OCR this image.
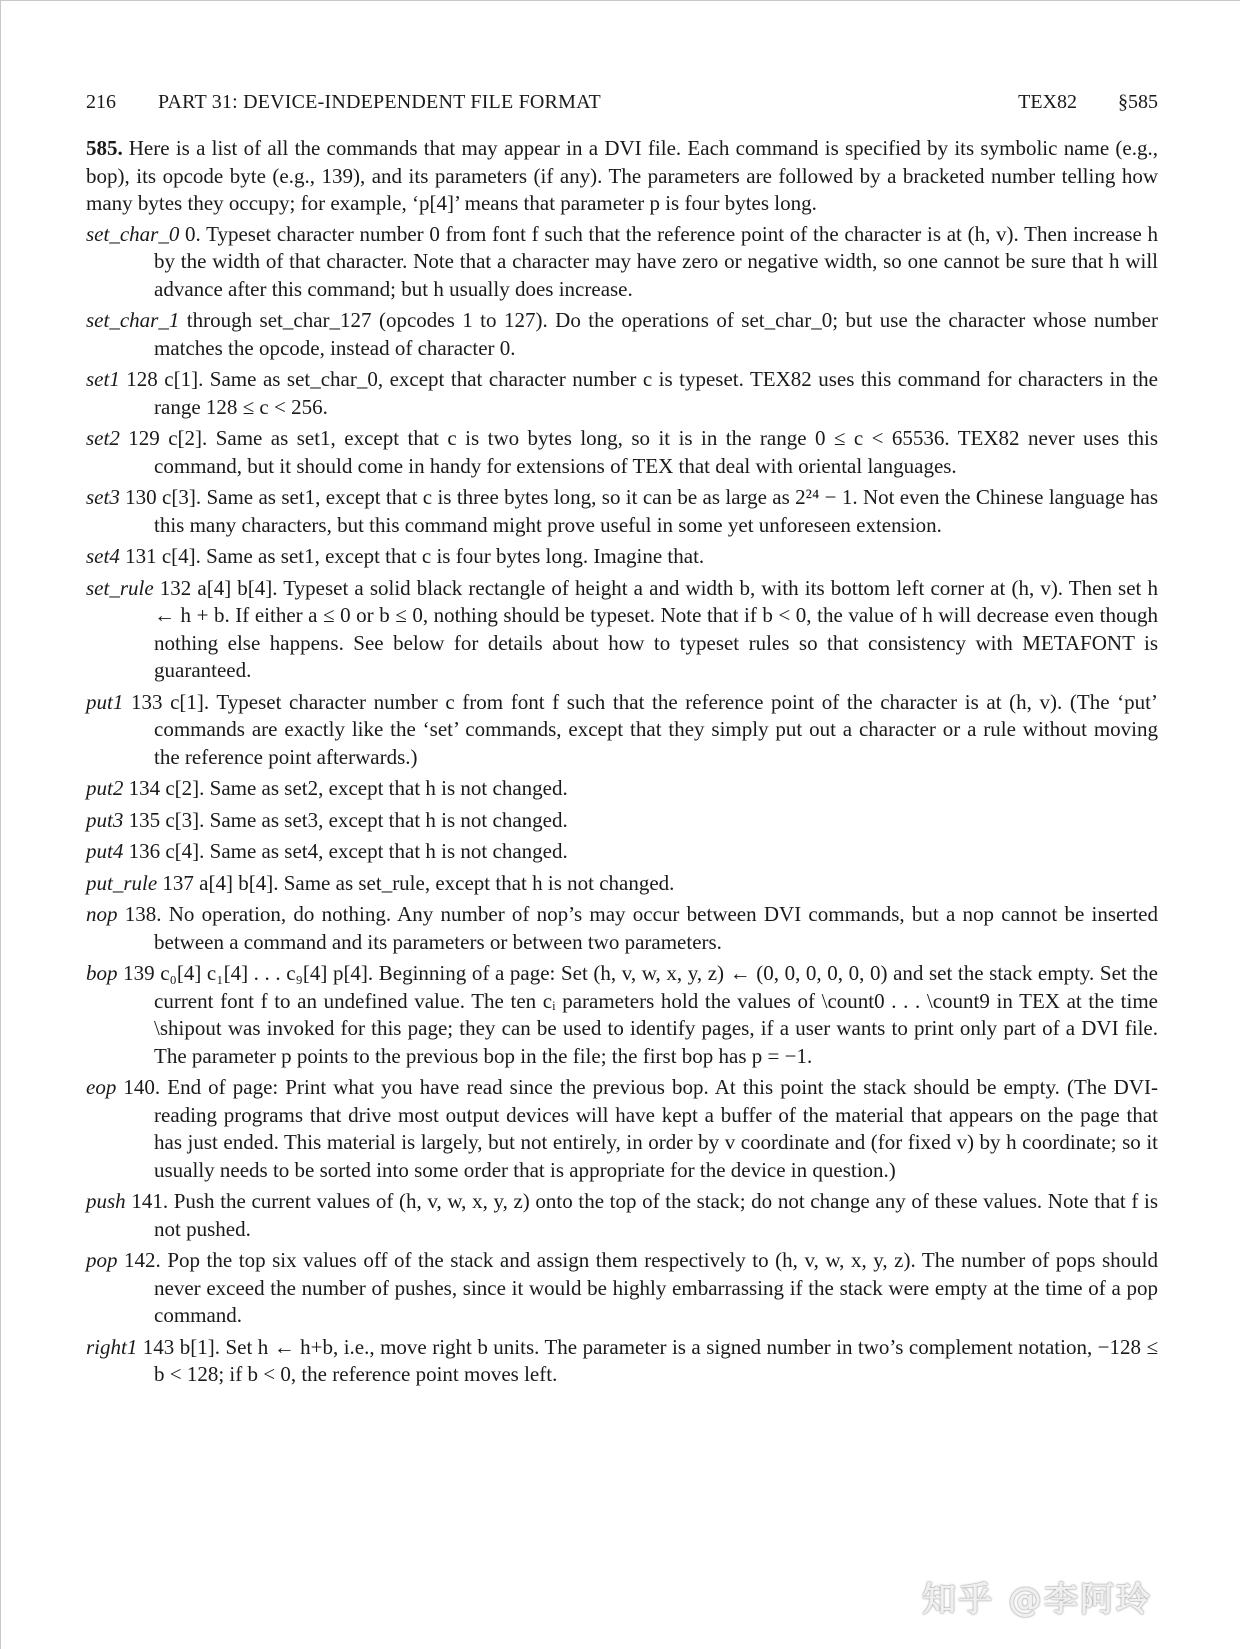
216 PART 31: DEVICE-INDEPENDENT FILE FORMAT	TEX82 §585

585. Here is a list of all the commands that may appear in a DVI file. Each command is specified by its symbolic name (e.g., bop), its opcode byte (e.g., 139), and its parameters (if any). The parameters are followed by a bracketed number telling how many bytes they occupy; for example, ‘p[4]’ means that parameter p is four bytes long.

set_char_0 0. Typeset character number 0 from font f such that the reference point of the character is at (h, v). Then increase h by the width of that character. Note that a character may have zero or negative width, so one cannot be sure that h will advance after this command; but h usually does increase.

set_char_1 through set_char_127 (opcodes 1 to 127). Do the operations of set_char_0; but use the character whose number matches the opcode, instead of character 0.

set1 128 c[1]. Same as set_char_0, except that character number c is typeset. TEX82 uses this command for characters in the range 128 ≤ c < 256.

set2 129 c[2]. Same as set1, except that c is two bytes long, so it is in the range 0 ≤ c < 65536. TEX82 never uses this command, but it should come in handy for extensions of TEX that deal with oriental languages.

set3 130 c[3]. Same as set1, except that c is three bytes long, so it can be as large as 2²⁴ − 1. Not even the Chinese language has this many characters, but this command might prove useful in some yet unforeseen extension.

set4 131 c[4]. Same as set1, except that c is four bytes long. Imagine that.

set_rule 132 a[4] b[4]. Typeset a solid black rectangle of height a and width b, with its bottom left corner at (h, v). Then set h ← h + b. If either a ≤ 0 or b ≤ 0, nothing should be typeset. Note that if b < 0, the value of h will decrease even though nothing else happens. See below for details about how to typeset rules so that consistency with METAFONT is guaranteed.

put1 133 c[1]. Typeset character number c from font f such that the reference point of the character is at (h, v). (The ‘put’ commands are exactly like the ‘set’ commands, except that they simply put out a character or a rule without moving the reference point afterwards.)

put2 134 c[2]. Same as set2, except that h is not changed.

put3 135 c[3]. Same as set3, except that h is not changed.

put4 136 c[4]. Same as set4, except that h is not changed.

put_rule 137 a[4] b[4]. Same as set_rule, except that h is not changed.

nop 138. No operation, do nothing. Any number of nop’s may occur between DVI commands, but a nop cannot be inserted between a command and its parameters or between two parameters.

bop 139 c₀[4] c₁[4] . . . c₉[4] p[4]. Beginning of a page: Set (h, v, w, x, y, z) ← (0, 0, 0, 0, 0, 0) and set the stack empty. Set the current font f to an undefined value. The ten cᵢ parameters hold the values of \count0 . . . \count9 in TEX at the time \shipout was invoked for this page; they can be used to identify pages, if a user wants to print only part of a DVI file. The parameter p points to the previous bop in the file; the first bop has p = −1.

eop 140. End of page: Print what you have read since the previous bop. At this point the stack should be empty. (The DVI-reading programs that drive most output devices will have kept a buffer of the material that appears on the page that has just ended. This material is largely, but not entirely, in order by v coordinate and (for fixed v) by h coordinate; so it usually needs to be sorted into some order that is appropriate for the device in question.)

push 141. Push the current values of (h, v, w, x, y, z) onto the top of the stack; do not change any of these values. Note that f is not pushed.

pop 142. Pop the top six values off of the stack and assign them respectively to (h, v, w, x, y, z). The number of pops should never exceed the number of pushes, since it would be highly embarrassing if the stack were empty at the time of a pop command.

right1 143 b[1]. Set h ← h+b, i.e., move right b units. The parameter is a signed number in two’s complement notation, −128 ≤ b < 128; if b < 0, the reference point moves left.

知乎 @李阿玲
